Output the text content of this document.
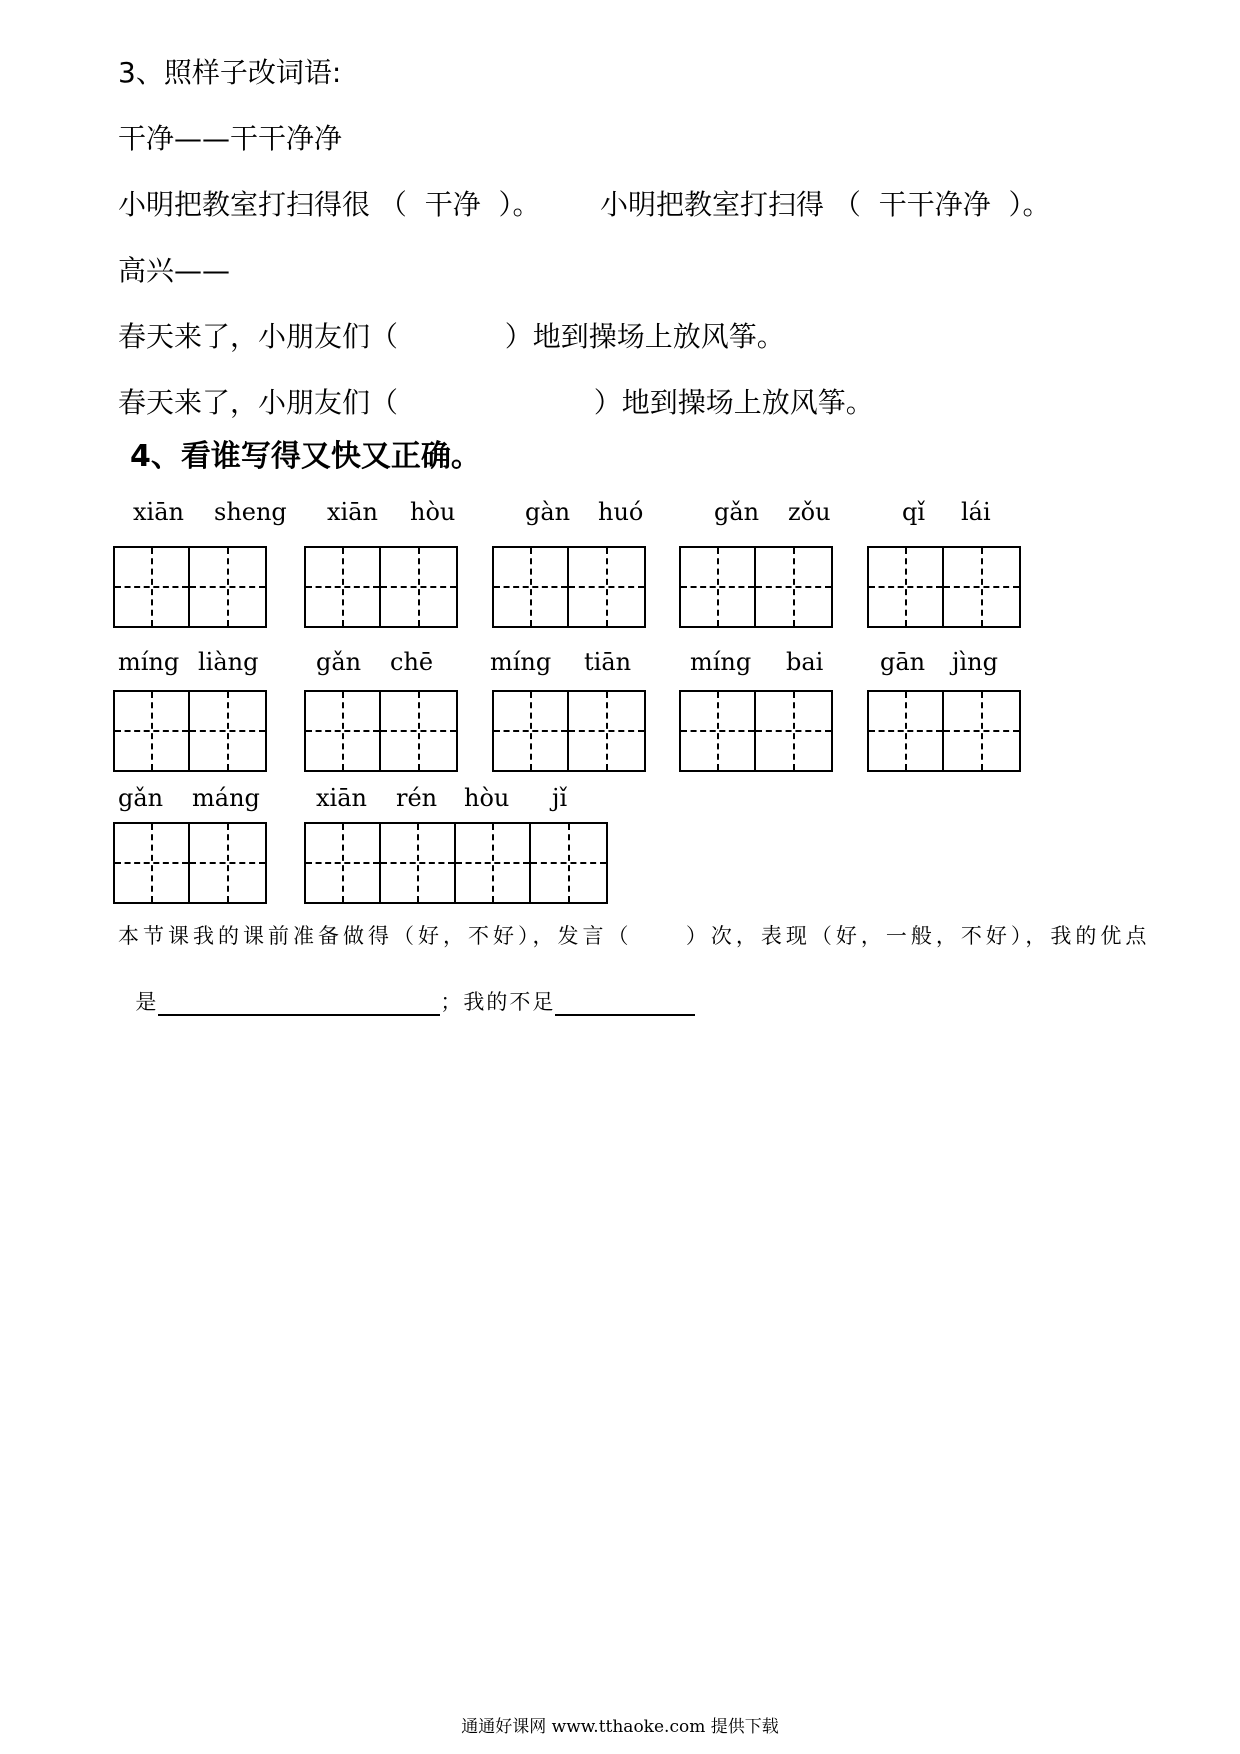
3、照样子改词语:
干净——干干净净
小明把教室打扫得很 （  干净  ）。 小明把教室打扫得 （  干干净净  ）。
高兴——
春天来了，小朋友们（            ）地到操场上放风筝。
春天来了，小朋友们（                      ）地到操场上放风筝。
4、看谁写得又快又正确。
xiān sheng xiān hòu	gàn huó	gǎn zǒu	qǐ lái
míng liàng gǎn chē míng tiān míng bai gān jìng
gǎn máng xiān rén hòu jǐ
本节课我的课前准备做得（好，不好），发言（     ）次，表现（好，一般，不好），我的优点

是	；我的不足

通通好课网 www.tthaoke.com 提供下载
